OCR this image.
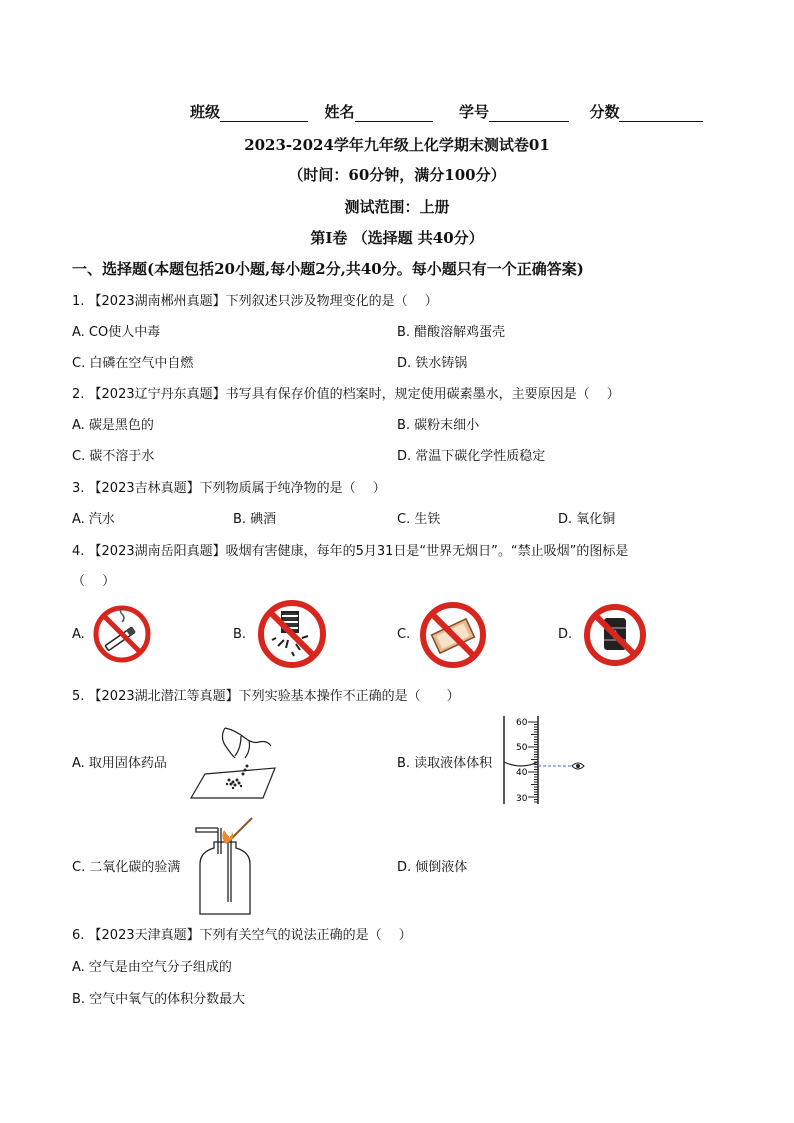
班级	姓名	学号	分数
2023-2024学年九年级上化学期末测试卷01
（时间：60分钟，满分100分）
测试范围：上册
第Ⅰ卷 （选择题 共40分）
一、选择题(本题包括20小题,每小题2分,共40分。每小题只有一个正确答案)
1. 【2023湖南郴州真题】下列叙述只涉及物理变化的是（　 ）
A. CO使人中毒	B. 醋酸溶解鸡蛋壳
C. 白磷在空气中自燃	D. 铁水铸锅
2. 【2023辽宁丹东真题】书写具有保存价值的档案时，规定使用碳素墨水，主要原因是（　 ）
A. 碳是黑色的	B. 碳粉末细小
C. 碳不溶于水	D. 常温下碳化学性质稳定
3. 【2023吉林真题】下列物质属于纯净物的是（　 ）
A. 汽水	B. 碘酒	C. 生铁	D. 氧化铜
4. 【2023湖南岳阳真题】吸烟有害健康，每年的5月31日是“世界无烟日”。“禁止吸烟”的图标是
（　 ）
A.	B.	C.	D.
5. 【2023湖北潜江等真题】下列实验基本操作不正确的是（　　）
A. 取用固体药品	B. 读取液体体积
60
50
40
30
C. 二氧化碳的验满	D. 倾倒液体
6. 【2023天津真题】下列有关空气的说法正确的是（　 ）
A. 空气是由空气分子组成的
B. 空气中氧气的体积分数最大
